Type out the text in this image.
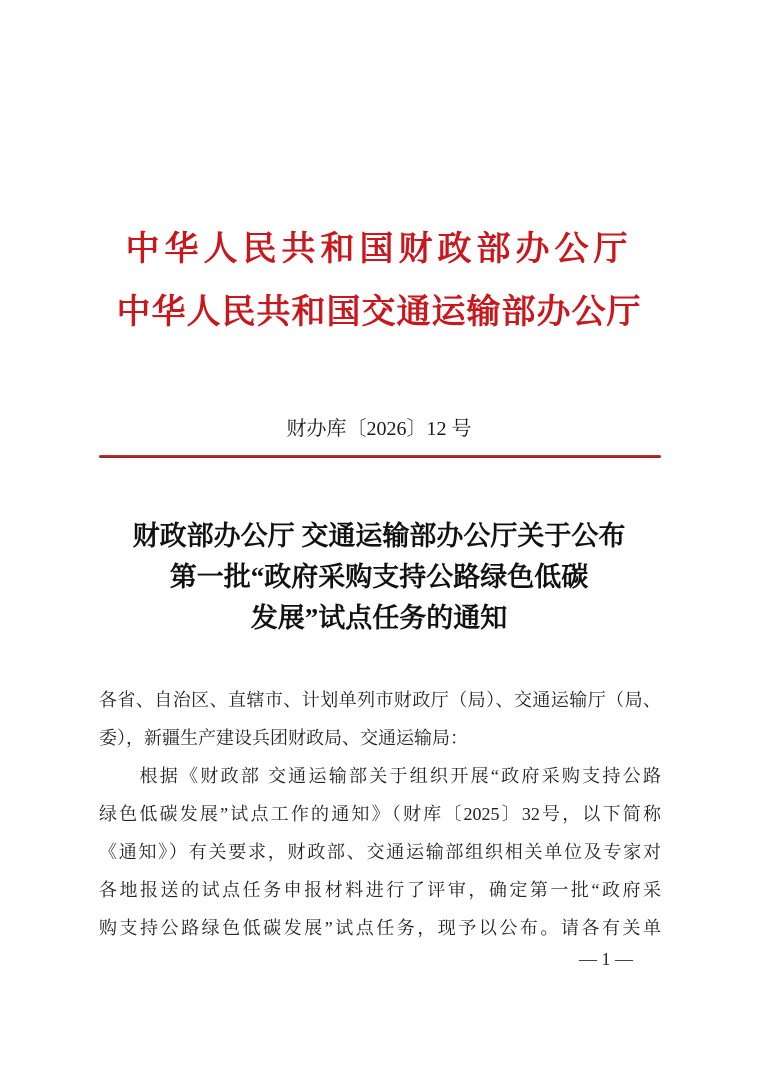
中华人民共和国财政部办公厅
中华人民共和国交通运输部办公厅
财办库〔2026〕12 号
财政部办公厅 交通运输部办公厅关于公布
第一批“政府采购支持公路绿色低碳
发展”试点任务的通知
各省、自治区、直辖市、计划单列市财政厅（局）、交通运输厅（局、
委），新疆生产建设兵团财政局、交通运输局：
　　根据《财政部 交通运输部关于组织开展“政府采购支持公路
绿色低碳发展”试点工作的通知》（财库〔2025〕32号，以下简称
《通知》）有关要求，财政部、交通运输部组织相关单位及专家对
各地报送的试点任务申报材料进行了评审，确定第一批“政府采
购支持公路绿色低碳发展”试点任务，现予以公布。请各有关单
— 1 —
